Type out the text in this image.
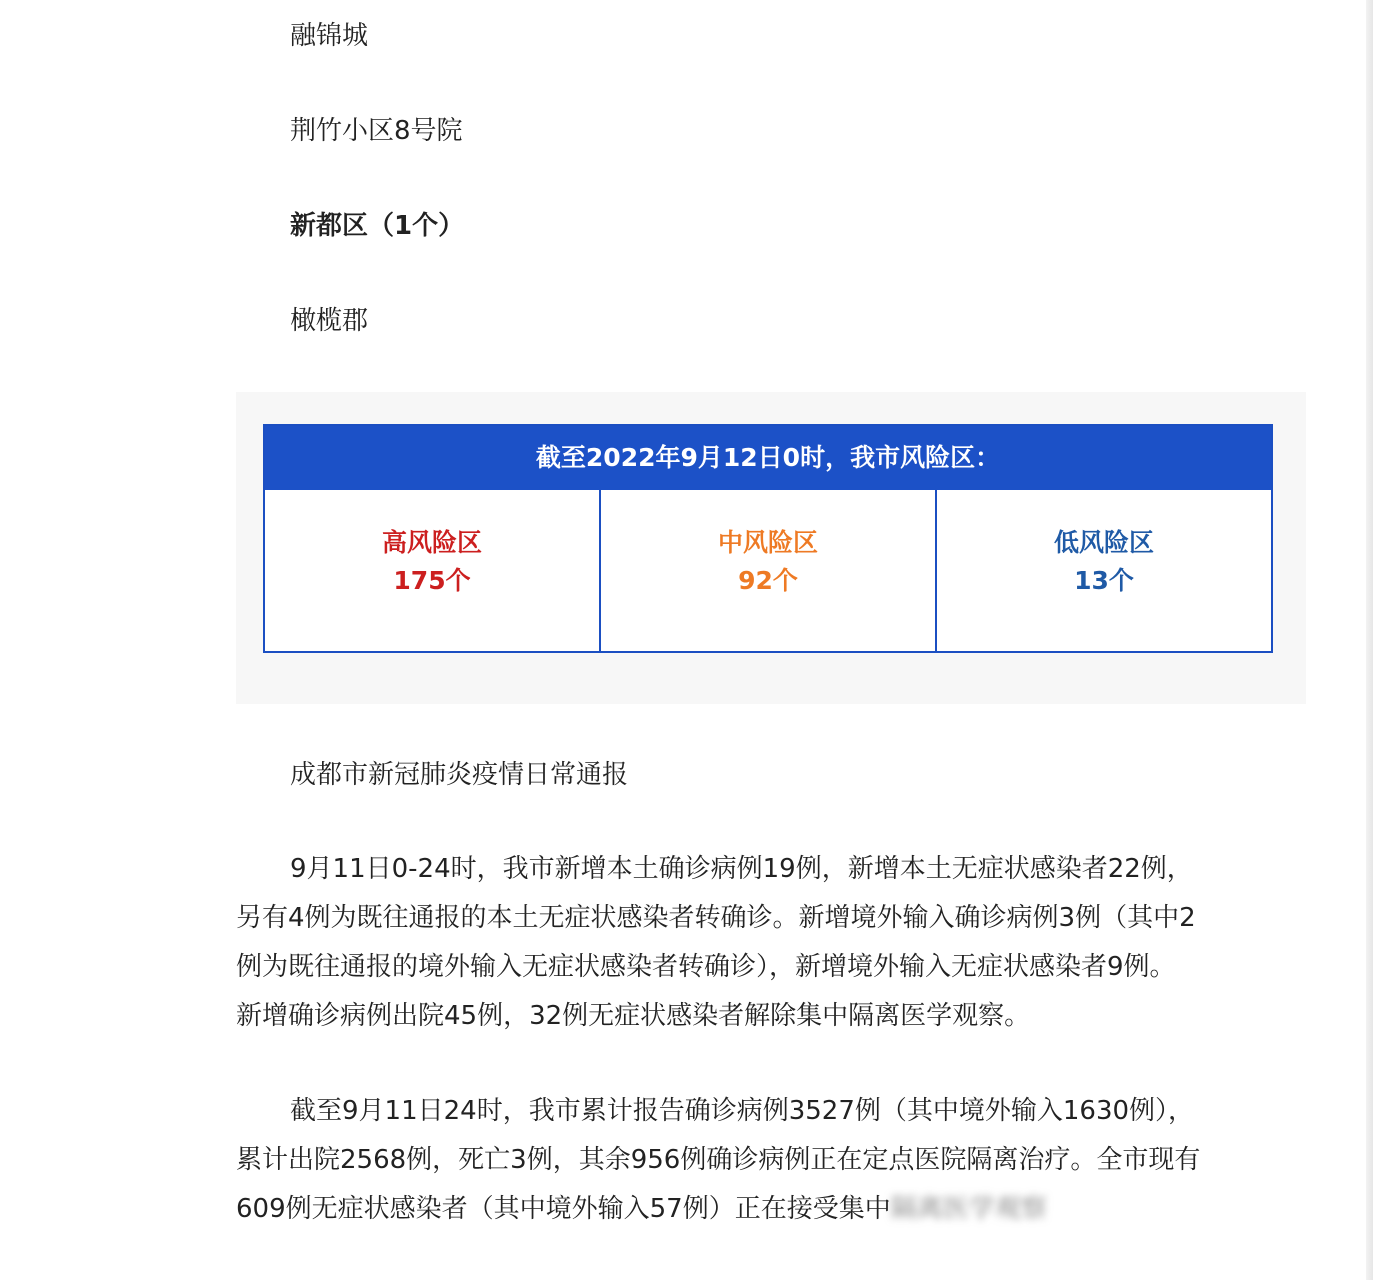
融锦城
荆竹小区8号院
新都区（1个）
橄榄郡
截至2022年9月12日0时，我市风险区：
高风险区
175个
中风险区
92个
低风险区
13个
成都市新冠肺炎疫情日常通报
9月11日0-24时，我市新增本土确诊病例19例，新增本土无症状感染者22例，
另有4例为既往通报的本土无症状感染者转确诊。新增境外输入确诊病例3例（其中2
例为既往通报的境外输入无症状感染者转确诊），新增境外输入无症状感染者9例。
新增确诊病例出院45例，32例无症状感染者解除集中隔离医学观察。
截至9月11日24时，我市累计报告确诊病例3527例（其中境外输入1630例），
累计出院2568例，死亡3例，其余956例确诊病例正在定点医院隔离治疗。全市现有
609例无症状感染者（其中境外输入57例）正在接受集中隔离医学观察
